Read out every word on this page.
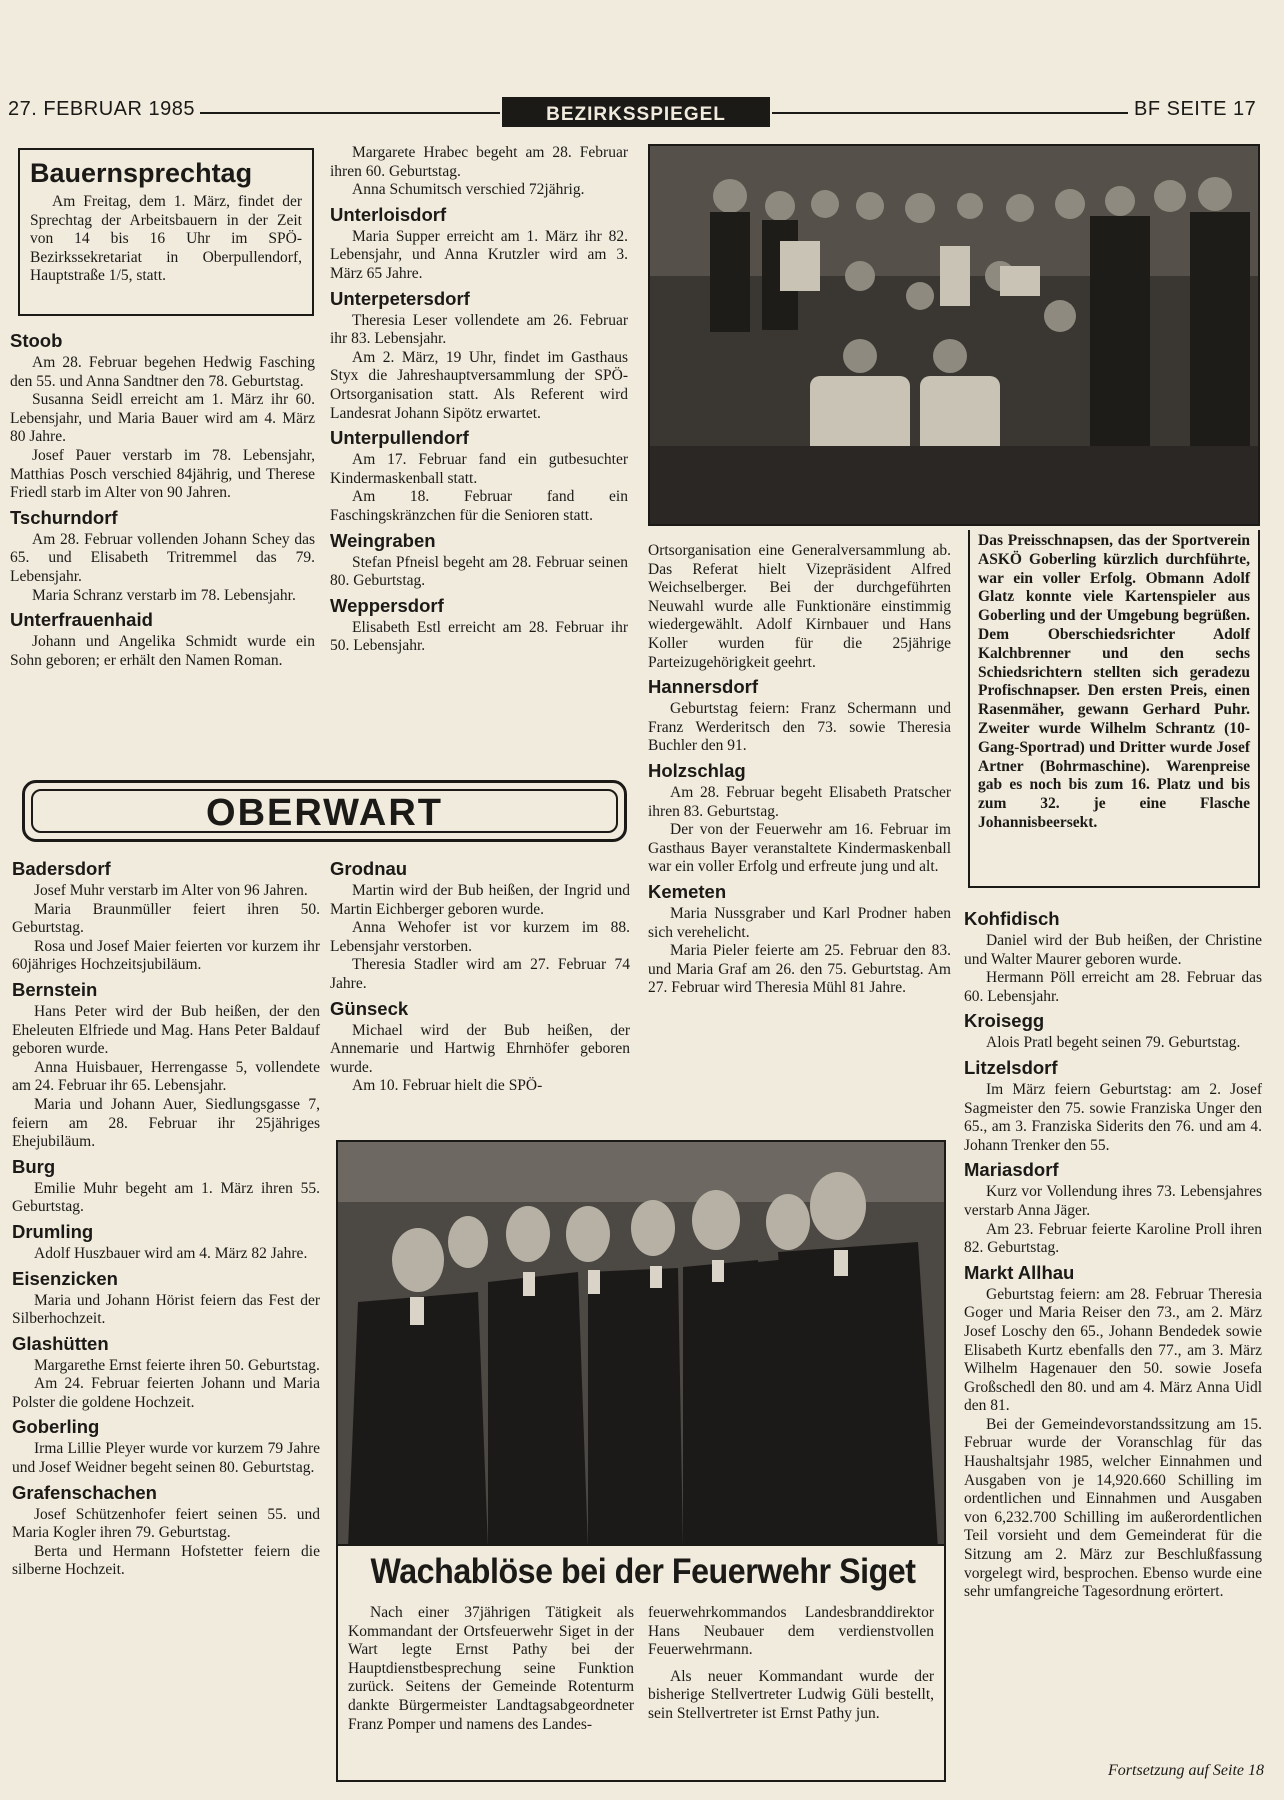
27. FEBRUAR 1985	BEZIRKSSPIEGEL	BF SEITE 17
Bauernsprechtag

Am Freitag, dem 1. März, findet der Sprechtag der Arbeitsbauern in der Zeit von 14 bis 16 Uhr im SPÖ-Bezirkssekretariat in Oberpullendorf, Hauptstraße 1/5, statt.

Stoob

Am 28. Februar begehen Hedwig Fasching den 55. und Anna Sandtner den 78. Geburtstag.

Susanna Seidl erreicht am 1. März ihr 60. Lebensjahr, und Maria Bauer wird am 4. März 80 Jahre.

Josef Pauer verstarb im 78. Lebensjahr, Matthias Posch verschied 84jährig, und Therese Friedl starb im Alter von 90 Jahren.

Tschurndorf

Am 28. Februar vollenden Johann Schey das 65. und Elisabeth Tritremmel das 79. Lebensjahr.

Maria Schranz verstarb im 78. Lebensjahr.

Unterfrauenhaid

Johann und Angelika Schmidt wurde ein Sohn geboren; er erhält den Namen Roman.

Margarete Hrabec begeht am 28. Februar ihren 60. Geburtstag.

Anna Schumitsch verschied 72jährig.

Unterloisdorf

Maria Supper erreicht am 1. März ihr 82. Lebensjahr, und Anna Krutzler wird am 3. März 65 Jahre.

Unterpetersdorf

Theresia Leser vollendete am 26. Februar ihr 83. Lebensjahr.

Am 2. März, 19 Uhr, findet im Gasthaus Styx die Jahreshauptversammlung der SPÖ-Ortsorganisation statt. Als Referent wird Landesrat Johann Sipötz erwartet.

Unterpullendorf

Am 17. Februar fand ein gutbesuchter Kindermaskenball statt.

Am 18. Februar fand ein Faschingskränzchen für die Senioren statt.

Weingraben

Stefan Pfneisl begeht am 28. Februar seinen 80. Geburtstag.

Weppersdorf

Elisabeth Estl erreicht am 28. Februar ihr 50. Lebensjahr.

Das Preisschnapsen, das der Sportverein ASKÖ Goberling kürzlich durchführte, war ein voller Erfolg. Obmann Adolf Glatz konnte viele Kartenspieler aus Goberling und der Umgebung begrüßen. Dem Oberschiedsrichter Adolf Kalchbrenner und den sechs Schiedsrichtern stellten sich geradezu Profischnapser. Den ersten Preis, einen Rasenmäher, gewann Gerhard Puhr. Zweiter wurde Wilhelm Schrantz (10-Gang-Sportrad) und Dritter wurde Josef Artner (Bohrmaschine). Warenpreise gab es noch bis zum 16. Platz und bis zum 32. je eine Flasche Johannisbeersekt.

Ortsorganisation eine Generalversammlung ab. Das Referat hielt Vizepräsident Alfred Weichselberger. Bei der durchgeführten Neuwahl wurde alle Funktionäre einstimmig wiedergewählt. Adolf Kirnbauer und Hans Koller wurden für die 25jährige Parteizugehörigkeit geehrt.

Hannersdorf

Geburtstag feiern: Franz Schermann und Franz Werderitsch den 73. sowie Theresia Buchler den 91.

Holzschlag

Am 28. Februar begeht Elisabeth Pratscher ihren 83. Geburtstag.

Der von der Feuerwehr am 16. Februar im Gasthaus Bayer veranstaltete Kindermaskenball war ein voller Erfolg und erfreute jung und alt.

Kemeten

Maria Nussgraber und Karl Prodner haben sich verehelicht.

Maria Pieler feierte am 25. Februar den 83. und Maria Graf am 26. den 75. Geburtstag. Am 27. Februar wird Theresia Mühl 81 Jahre.

OBERWART
Badersdorf

Josef Muhr verstarb im Alter von 96 Jahren.

Maria Braunmüller feiert ihren 50. Geburtstag.

Rosa und Josef Maier feierten vor kurzem ihr 60jähriges Hochzeitsjubiläum.

Bernstein

Hans Peter wird der Bub heißen, der den Eheleuten Elfriede und Mag. Hans Peter Baldauf geboren wurde.

Anna Huisbauer, Herrengasse 5, vollendete am 24. Februar ihr 65. Lebensjahr.

Maria und Johann Auer, Siedlungsgasse 7, feiern am 28. Februar ihr 25jähriges Ehejubiläum.

Burg

Emilie Muhr begeht am 1. März ihren 55. Geburtstag.

Drumling

Adolf Huszbauer wird am 4. März 82 Jahre.

Eisenzicken

Maria und Johann Hörist feiern das Fest der Silberhochzeit.

Glashütten

Margarethe Ernst feierte ihren 50. Geburtstag.

Am 24. Februar feierten Johann und Maria Polster die goldene Hochzeit.

Goberling

Irma Lillie Pleyer wurde vor kurzem 79 Jahre und Josef Weidner begeht seinen 80. Geburtstag.

Grafenschachen

Josef Schützenhofer feiert seinen 55. und Maria Kogler ihren 79. Geburtstag.

Berta und Hermann Hofstetter feiern die silberne Hochzeit.

Grodnau

Martin wird der Bub heißen, der Ingrid und Martin Eichberger geboren wurde.

Anna Wehofer ist vor kurzem im 88. Lebensjahr verstorben.

Theresia Stadler wird am 27. Februar 74 Jahre.

Günseck

Michael wird der Bub heißen, der Annemarie und Hartwig Ehrnhöfer geboren wurde.

Am 10. Februar hielt die SPÖ-

Kohfidisch

Daniel wird der Bub heißen, der Christine und Walter Maurer geboren wurde.

Hermann Pöll erreicht am 28. Februar das 60. Lebensjahr.

Kroisegg

Alois Pratl begeht seinen 79. Geburtstag.

Litzelsdorf

Im März feiern Geburtstag: am 2. Josef Sagmeister den 75. sowie Franziska Unger den 65., am 3. Franziska Siderits den 76. und am 4. Johann Trenker den 55.

Mariasdorf

Kurz vor Vollendung ihres 73. Lebensjahres verstarb Anna Jäger.

Am 23. Februar feierte Karoline Proll ihren 82. Geburtstag.

Markt Allhau

Geburtstag feiern: am 28. Februar Theresia Goger und Maria Reiser den 73., am 2. März Josef Loschy den 65., Johann Bendedek sowie Elisabeth Kurtz ebenfalls den 77., am 3. März Wilhelm Hagenauer den 50. sowie Josefa Großschedl den 80. und am 4. März Anna Uidl den 81.

Bei der Gemeindevorstandssitzung am 15. Februar wurde der Voranschlag für das Haushaltsjahr 1985, welcher Einnahmen und Ausgaben von je 14,920.660 Schilling im ordentlichen und Einnahmen und Ausgaben von 6,232.700 Schilling im außerordentlichen Teil vorsieht und dem Gemeinderat für die Sitzung am 2. März zur Beschlußfassung vorgelegt wird, besprochen. Ebenso wurde eine sehr umfangreiche Tagesordnung erörtert.

Wachablöse bei der Feuerwehr Siget

Nach einer 37jährigen Tätigkeit als Kommandant der Ortsfeuerwehr Siget in der Wart legte Ernst Pathy bei der Hauptdienstbesprechung seine Funktion zurück. Seitens der Gemeinde Rotenturm dankte Bürgermeister Landtagsabgeordneter Franz Pomper und namens des Landes-

feuerwehrkommandos Landesbranddirektor Hans Neubauer dem verdienstvollen Feuerwehrmann.

Als neuer Kommandant wurde der bisherige Stellvertreter Ludwig Güli bestellt, sein Stellvertreter ist Ernst Pathy jun.

Fortsetzung auf Seite 18
